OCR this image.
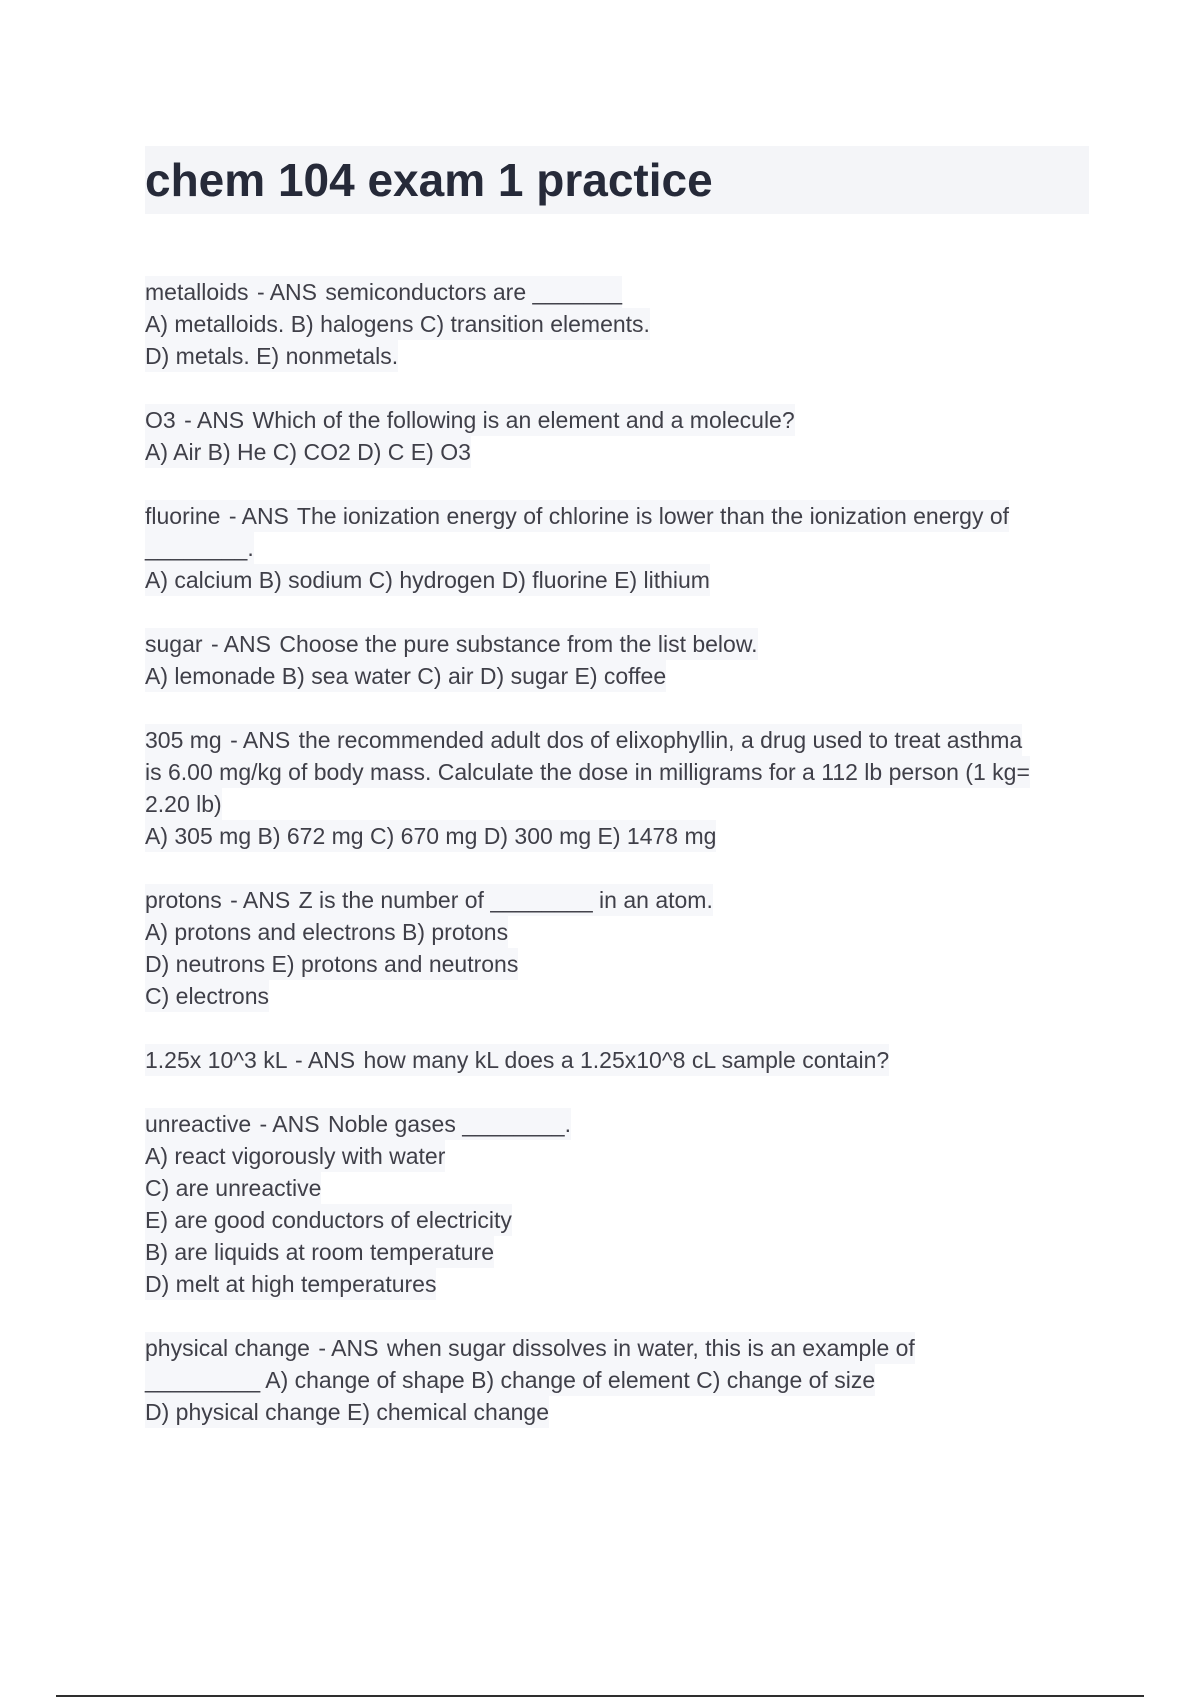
chem 104 exam 1 practice
metalloids - ANS semiconductors are _______
A) metalloids. B) halogens C) transition elements.
D) metals. E) nonmetals.
O3 - ANS Which of the following is an element and a molecule?
A) Air B) He C) CO2 D) C E) O3
fluorine - ANS The ionization energy of chlorine is lower than the ionization energy of
________.
A) calcium B) sodium C) hydrogen D) fluorine E) lithium
sugar - ANS Choose the pure substance from the list below.
A) lemonade B) sea water C) air D) sugar E) coffee
305 mg - ANS the recommended adult dos of elixophyllin, a drug used to treat asthma
is 6.00 mg/kg of body mass. Calculate the dose in milligrams for a 112 lb person (1 kg=
2.20 lb)
A) 305 mg B) 672 mg C) 670 mg D) 300 mg E) 1478 mg
protons - ANS Z is the number of ________ in an atom.
A) protons and electrons B) protons
D) neutrons E) protons and neutrons
C) electrons
1.25x 10^3 kL - ANS how many kL does a 1.25x10^8 cL sample contain?
unreactive - ANS Noble gases ________.
A) react vigorously with water
C) are unreactive
E) are good conductors of electricity
B) are liquids at room temperature
D) melt at high temperatures
physical change - ANS when sugar dissolves in water, this is an example of
_________ A) change of shape B) change of element C) change of size
D) physical change E) chemical change
